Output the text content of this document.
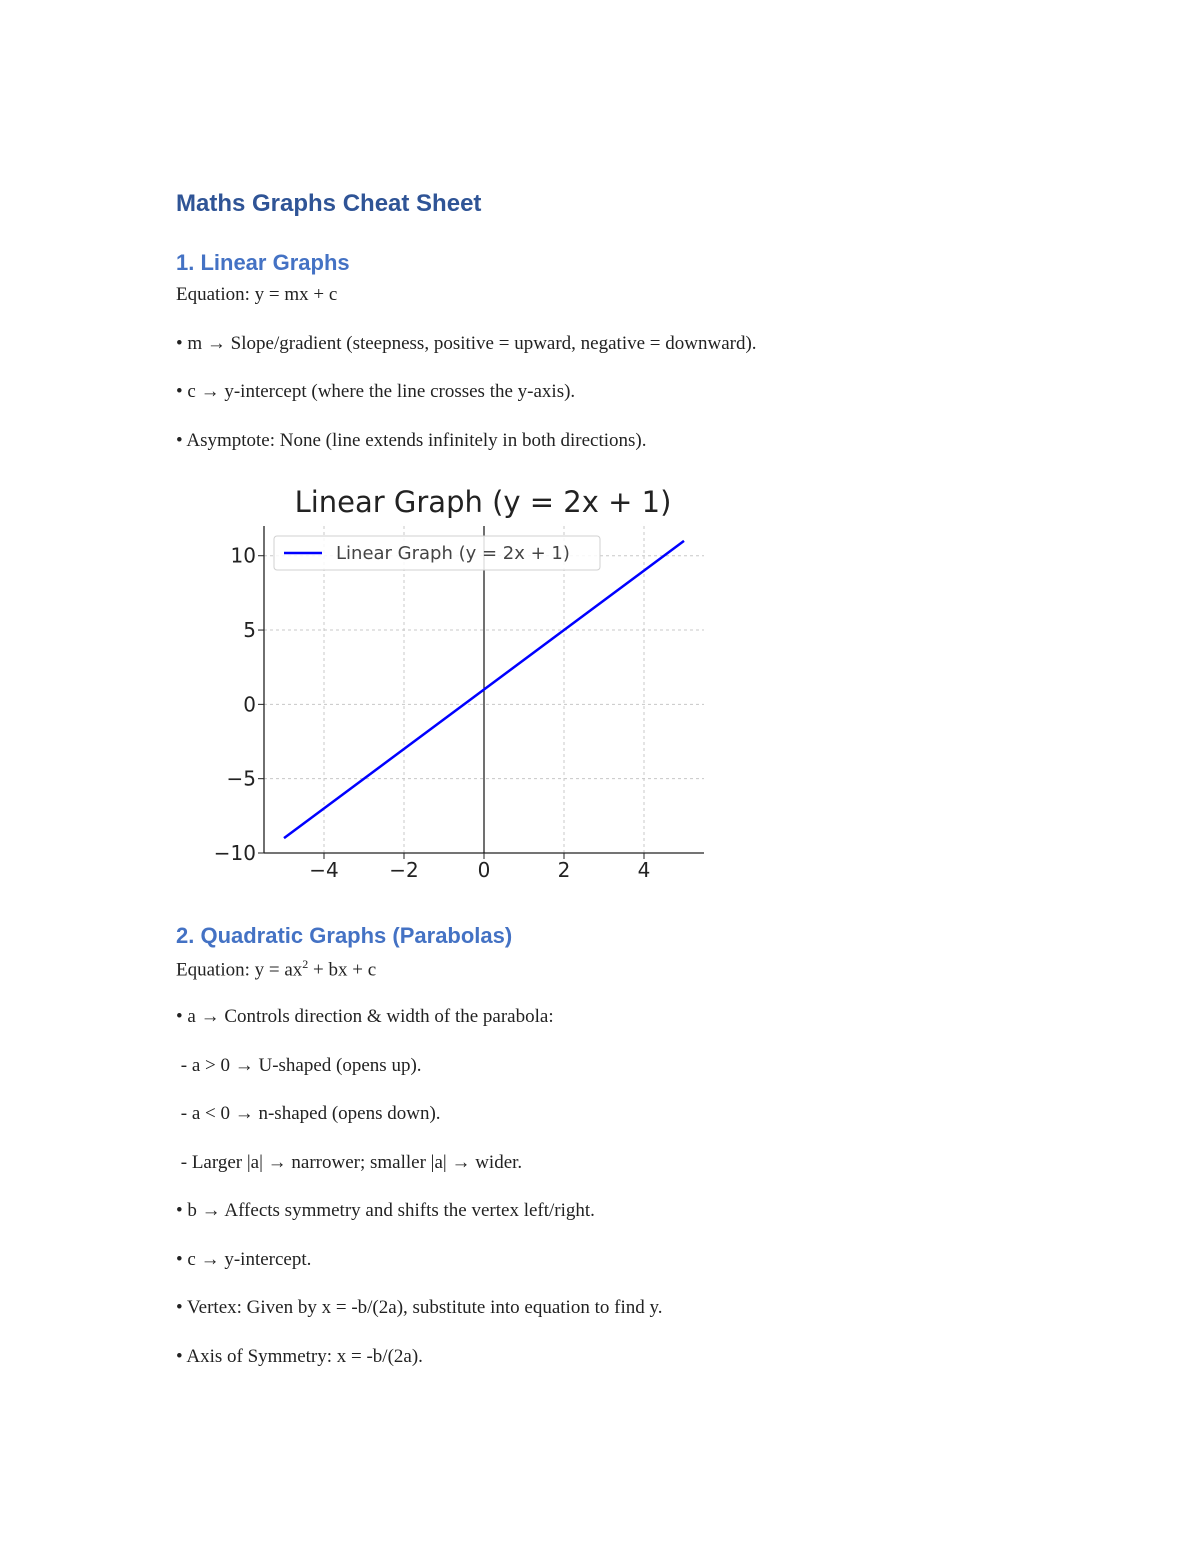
Maths Graphs Cheat Sheet
1. Linear Graphs

Equation: y = mx + c

• m → Slope/gradient (steepness, positive = upward, negative = downward).

• c → y-intercept (where the line crosses the y-axis).

• Asymptote: None (line extends infinitely in both directions).

Linear Graph (y = 2x + 1)
−4	−2	0	2	4
−10
−5
0
5
10	Linear Graph (y = 2x + 1)
2. Quadratic Graphs (Parabolas)

Equation: $y = ax^2$ + bx + c

• a → Controls direction & width of the parabola:

- a > 0 → U-shaped (opens up).

- a < 0 → n-shaped (opens down).

- Larger |a| → narrower; smaller |a| → wider.

• b → Affects symmetry and shifts the vertex left/right.

• c → y-intercept.

• Vertex: Given by x = -b/(2a), substitute into equation to find y.

• Axis of Symmetry: x = -b/(2a).
